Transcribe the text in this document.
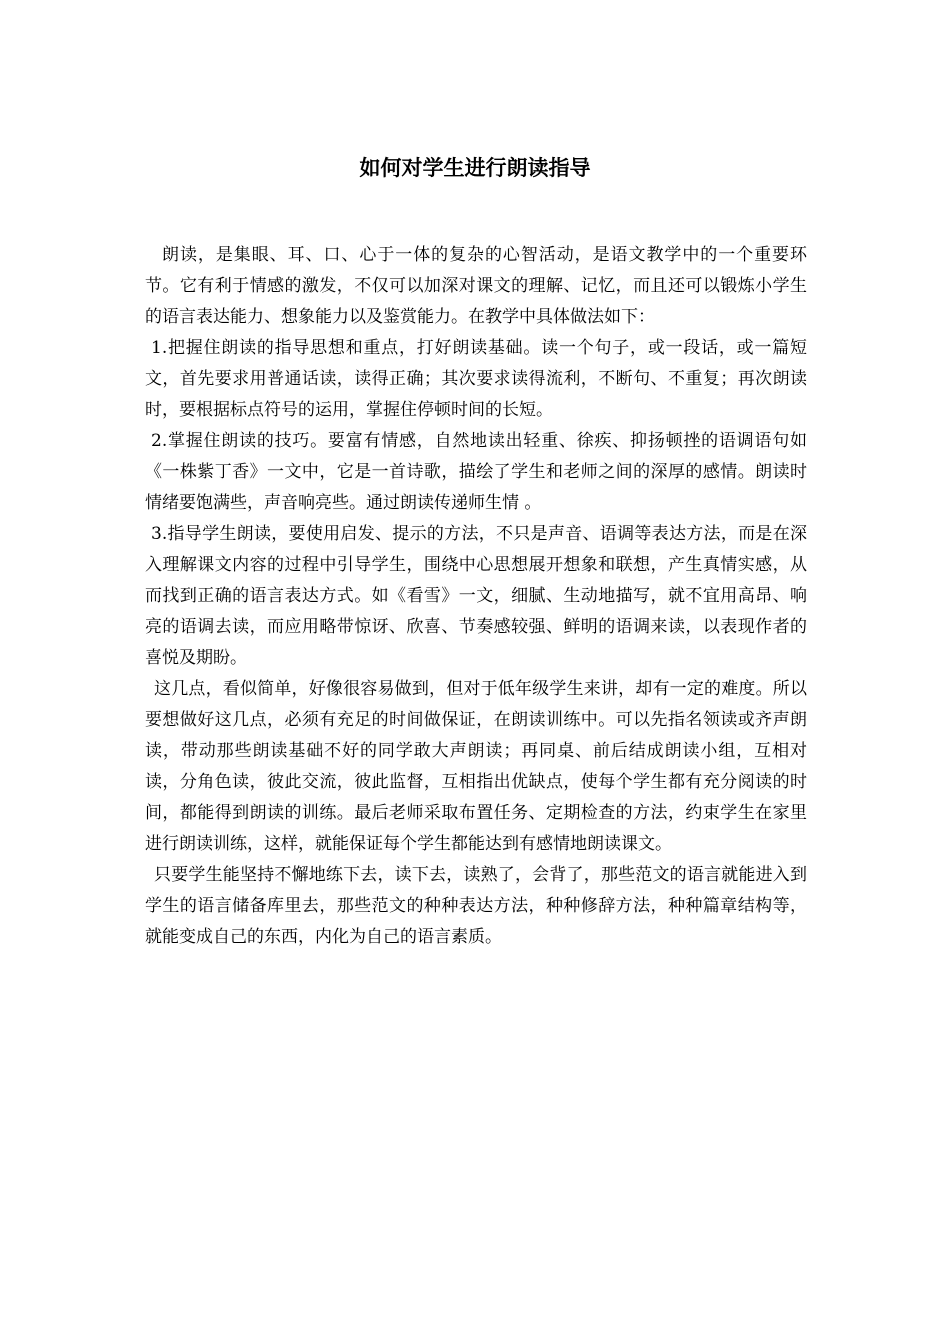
如何对学生进行朗读指导

朗读，是集眼、耳、口、心于一体的复杂的心智活动，是语文教学中的一个重要环节。它有利于情感的激发，不仅可以加深对课文的理解、记忆，而且还可以锻炼小学生的语言表达能力、想象能力以及鉴赏能力。在教学中具体做法如下：

1.把握住朗读的指导思想和重点，打好朗读基础。读一个句子，或一段话，或一篇短文，首先要求用普通话读，读得正确；其次要求读得流利，不断句、不重复；再次朗读时，要根据标点符号的运用，掌握住停顿时间的长短。

2.掌握住朗读的技巧。要富有情感，自然地读出轻重、徐疾、抑扬顿挫的语调语句如《一株紫丁香》一文中，它是一首诗歌，描绘了学生和老师之间的深厚的感情。朗读时情绪要饱满些，声音响亮些。通过朗读传递师生情 。

3.指导学生朗读，要使用启发、提示的方法，不只是声音、语调等表达方法，而是在深入理解课文内容的过程中引导学生，围绕中心思想展开想象和联想，产生真情实感，从而找到正确的语言表达方式。如《看雪》一文，细腻、生动地描写，就不宜用高昂、响亮的语调去读，而应用略带惊讶、欣喜、节奏感较强、鲜明的语调来读，以表现作者的喜悦及期盼。

这几点，看似简单，好像很容易做到，但对于低年级学生来讲，却有一定的难度。所以要想做好这几点，必须有充足的时间做保证，在朗读训练中。可以先指名领读或齐声朗读，带动那些朗读基础不好的同学敢大声朗读；再同桌、前后结成朗读小组，互相对读，分角色读，彼此交流，彼此监督，互相指出优缺点，使每个学生都有充分阅读的时间，都能得到朗读的训练。最后老师采取布置任务、定期检查的方法，约束学生在家里进行朗读训练，这样，就能保证每个学生都能达到有感情地朗读课文。

只要学生能坚持不懈地练下去，读下去，读熟了，会背了，那些范文的语言就能进入到学生的语言储备库里去，那些范文的种种表达方法，种种修辞方法，种种篇章结构等，就能变成自己的东西，内化为自己的语言素质。
